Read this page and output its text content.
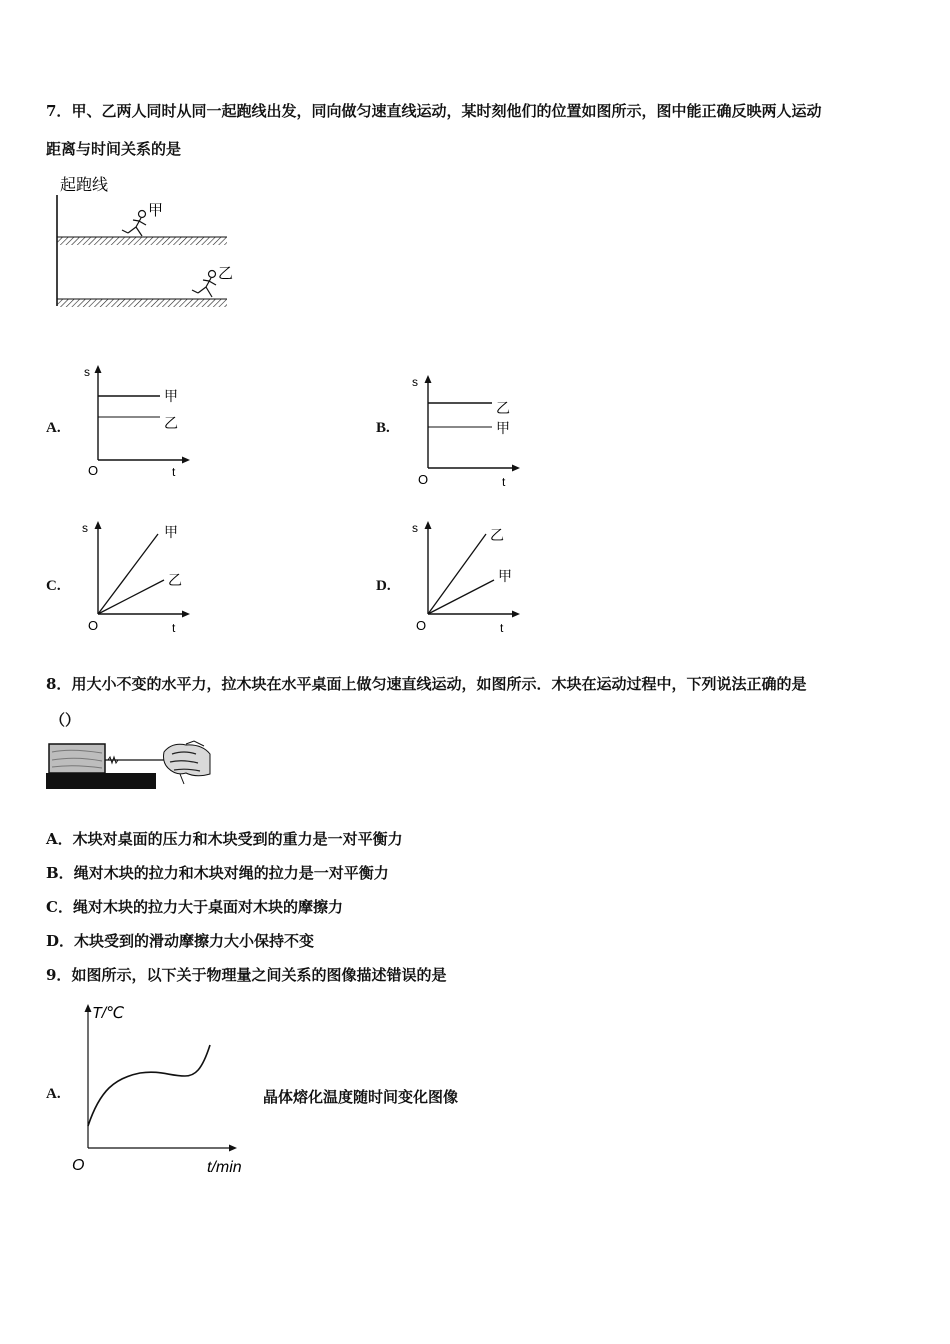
7．甲、乙两人同时从同一起跑线出发，同向做匀速直线运动，某时刻他们的位置如图所示，图中能正确反映两人运动
距离与时间关系的是
起跑线
甲
乙
A.
s
甲
乙
O	t
B.
s
乙
甲
O	t
C.
s	甲
乙
O	t
D.
s	乙
甲
O	t
8．用大小不变的水平力，拉木块在水平桌面上做匀速直线运动，如图所示．木块在运动过程中，下列说法正确的是
（）
A．木块对桌面的压力和木块受到的重力是一对平衡力
B．绳对木块的拉力和木块对绳的拉力是一对平衡力
C．绳对木块的拉力大于桌面对木块的摩擦力
D．木块受到的滑动摩擦力大小保持不变
9．如图所示，以下关于物理量之间关系的图像描述错误的是
A.
T/℃
O	t/min
晶体熔化温度随时间变化图像
